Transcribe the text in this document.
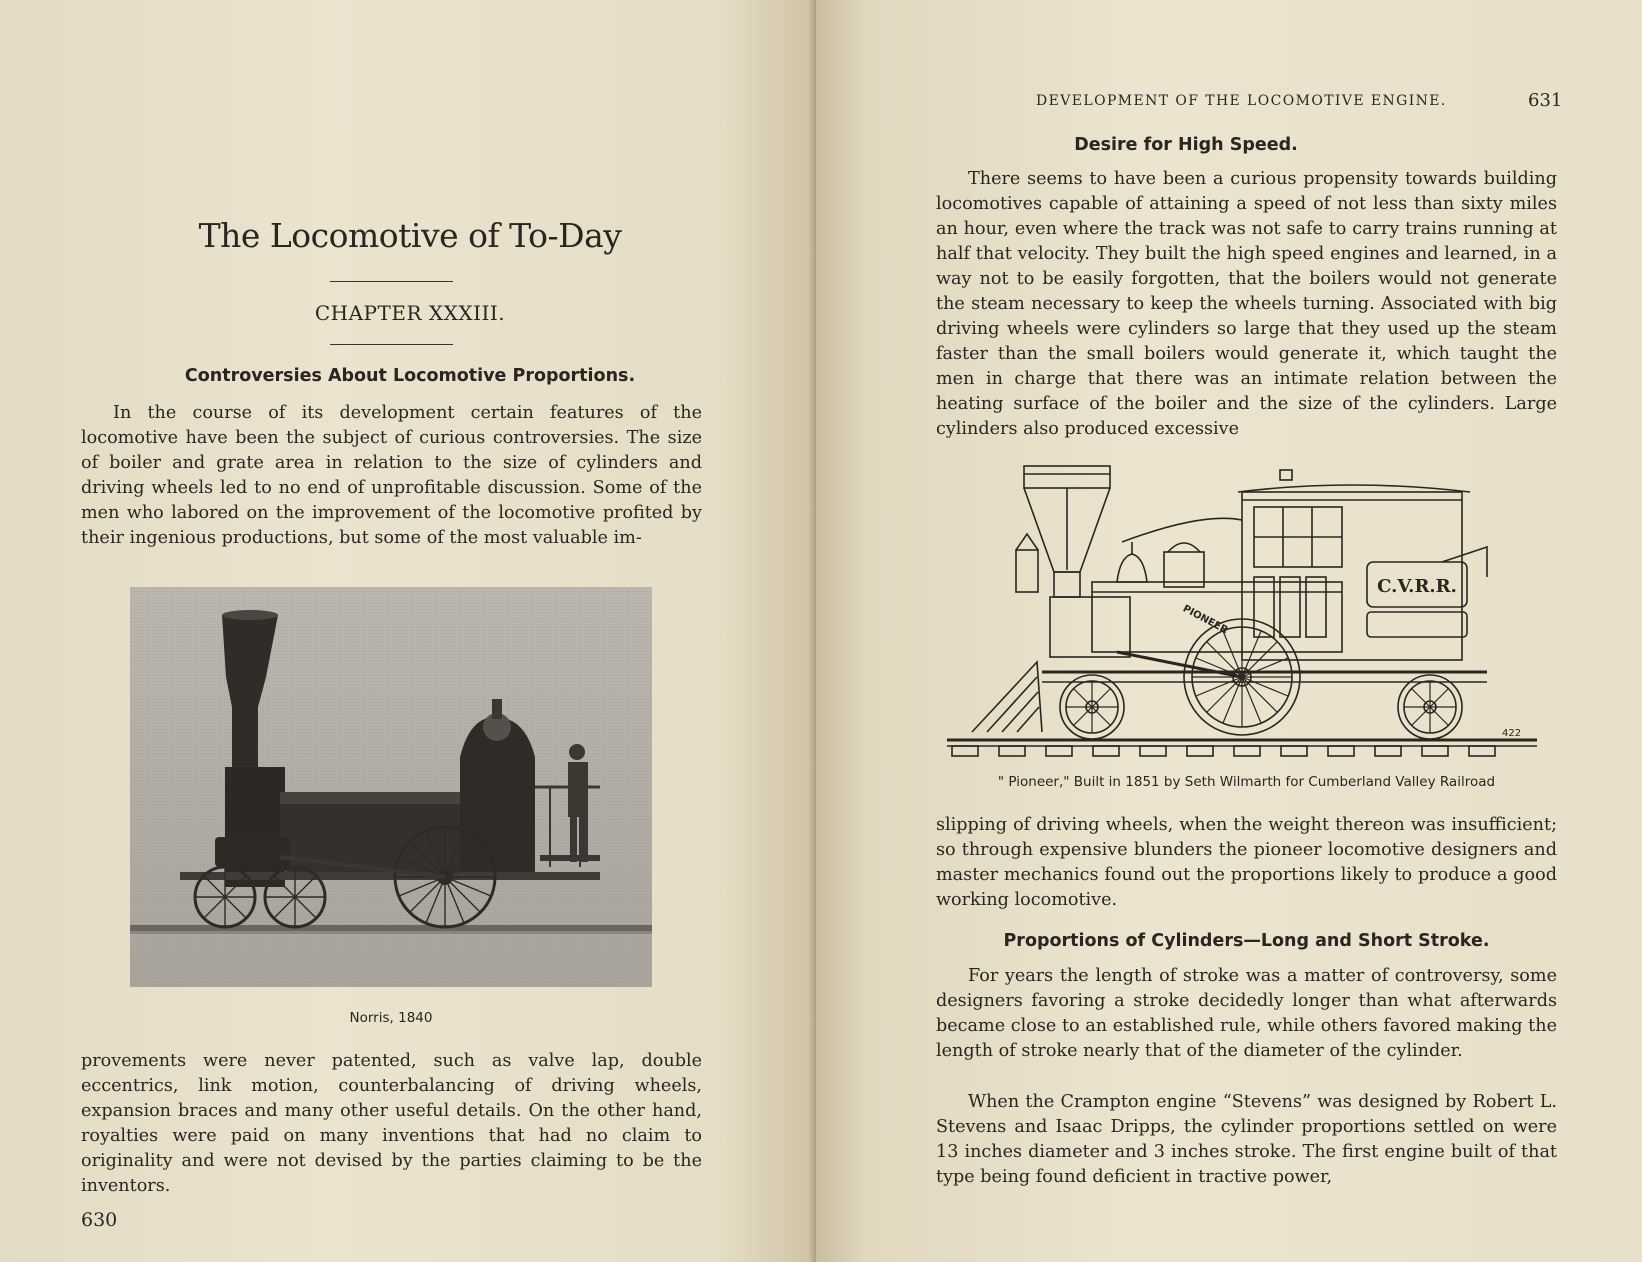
The Locomotive of To-Day
CHAPTER XXXIII.
Controversies About Locomotive Proportions.

In the course of its development certain features of the locomotive have been the subject of curious controversies. The size of boiler and grate area in relation to the size of cylinders and driving wheels led to no end of unprofitable discussion. Some of the men who labored on the improvement of the locomotive profited by their ingenious productions, but some of the most valuable im-

Norris, 1840

provements were never patented, such as valve lap, double eccentrics, link motion, counterbalancing of driving wheels, expansion braces and many other useful details. On the other hand, royalties were paid on many inventions that had no claim to originality and were not devised by the parties claiming to be the inventors.

630
DEVELOPMENT OF THE LOCOMOTIVE ENGINE.	631
Desire for High Speed.

There seems to have been a curious propensity towards building locomotives capable of attaining a speed of not less than sixty miles an hour, even where the track was not safe to carry trains running at half that velocity. They built the high speed engines and learned, in a way not to be easily forgotten, that the boilers would not generate the steam necessary to keep the wheels turning. Associated with big driving wheels were cylinders so large that they used up the steam faster than the small boilers would generate it, which taught the men in charge that there was an intimate relation between the heating surface of the boiler and the size of the cylinders. Large cylinders also produced excessive

C.V.R.R.
PIONEER
422
" Pioneer," Built in 1851 by Seth Wilmarth for Cumberland Valley Railroad

slipping of driving wheels, when the weight thereon was insufficient; so through expensive blunders the pioneer locomotive designers and master mechanics found out the proportions likely to produce a good working locomotive.

Proportions of Cylinders—Long and Short Stroke.

For years the length of stroke was a matter of controversy, some designers favoring a stroke decidedly longer than what afterwards became close to an established rule, while others favored making the length of stroke nearly that of the diameter of the cylinder.

When the Crampton engine “Stevens” was designed by Robert L. Stevens and Isaac Dripps, the cylinder proportions settled on were 13 inches diameter and 3 inches stroke. The first engine built of that type being found deficient in tractive power,
